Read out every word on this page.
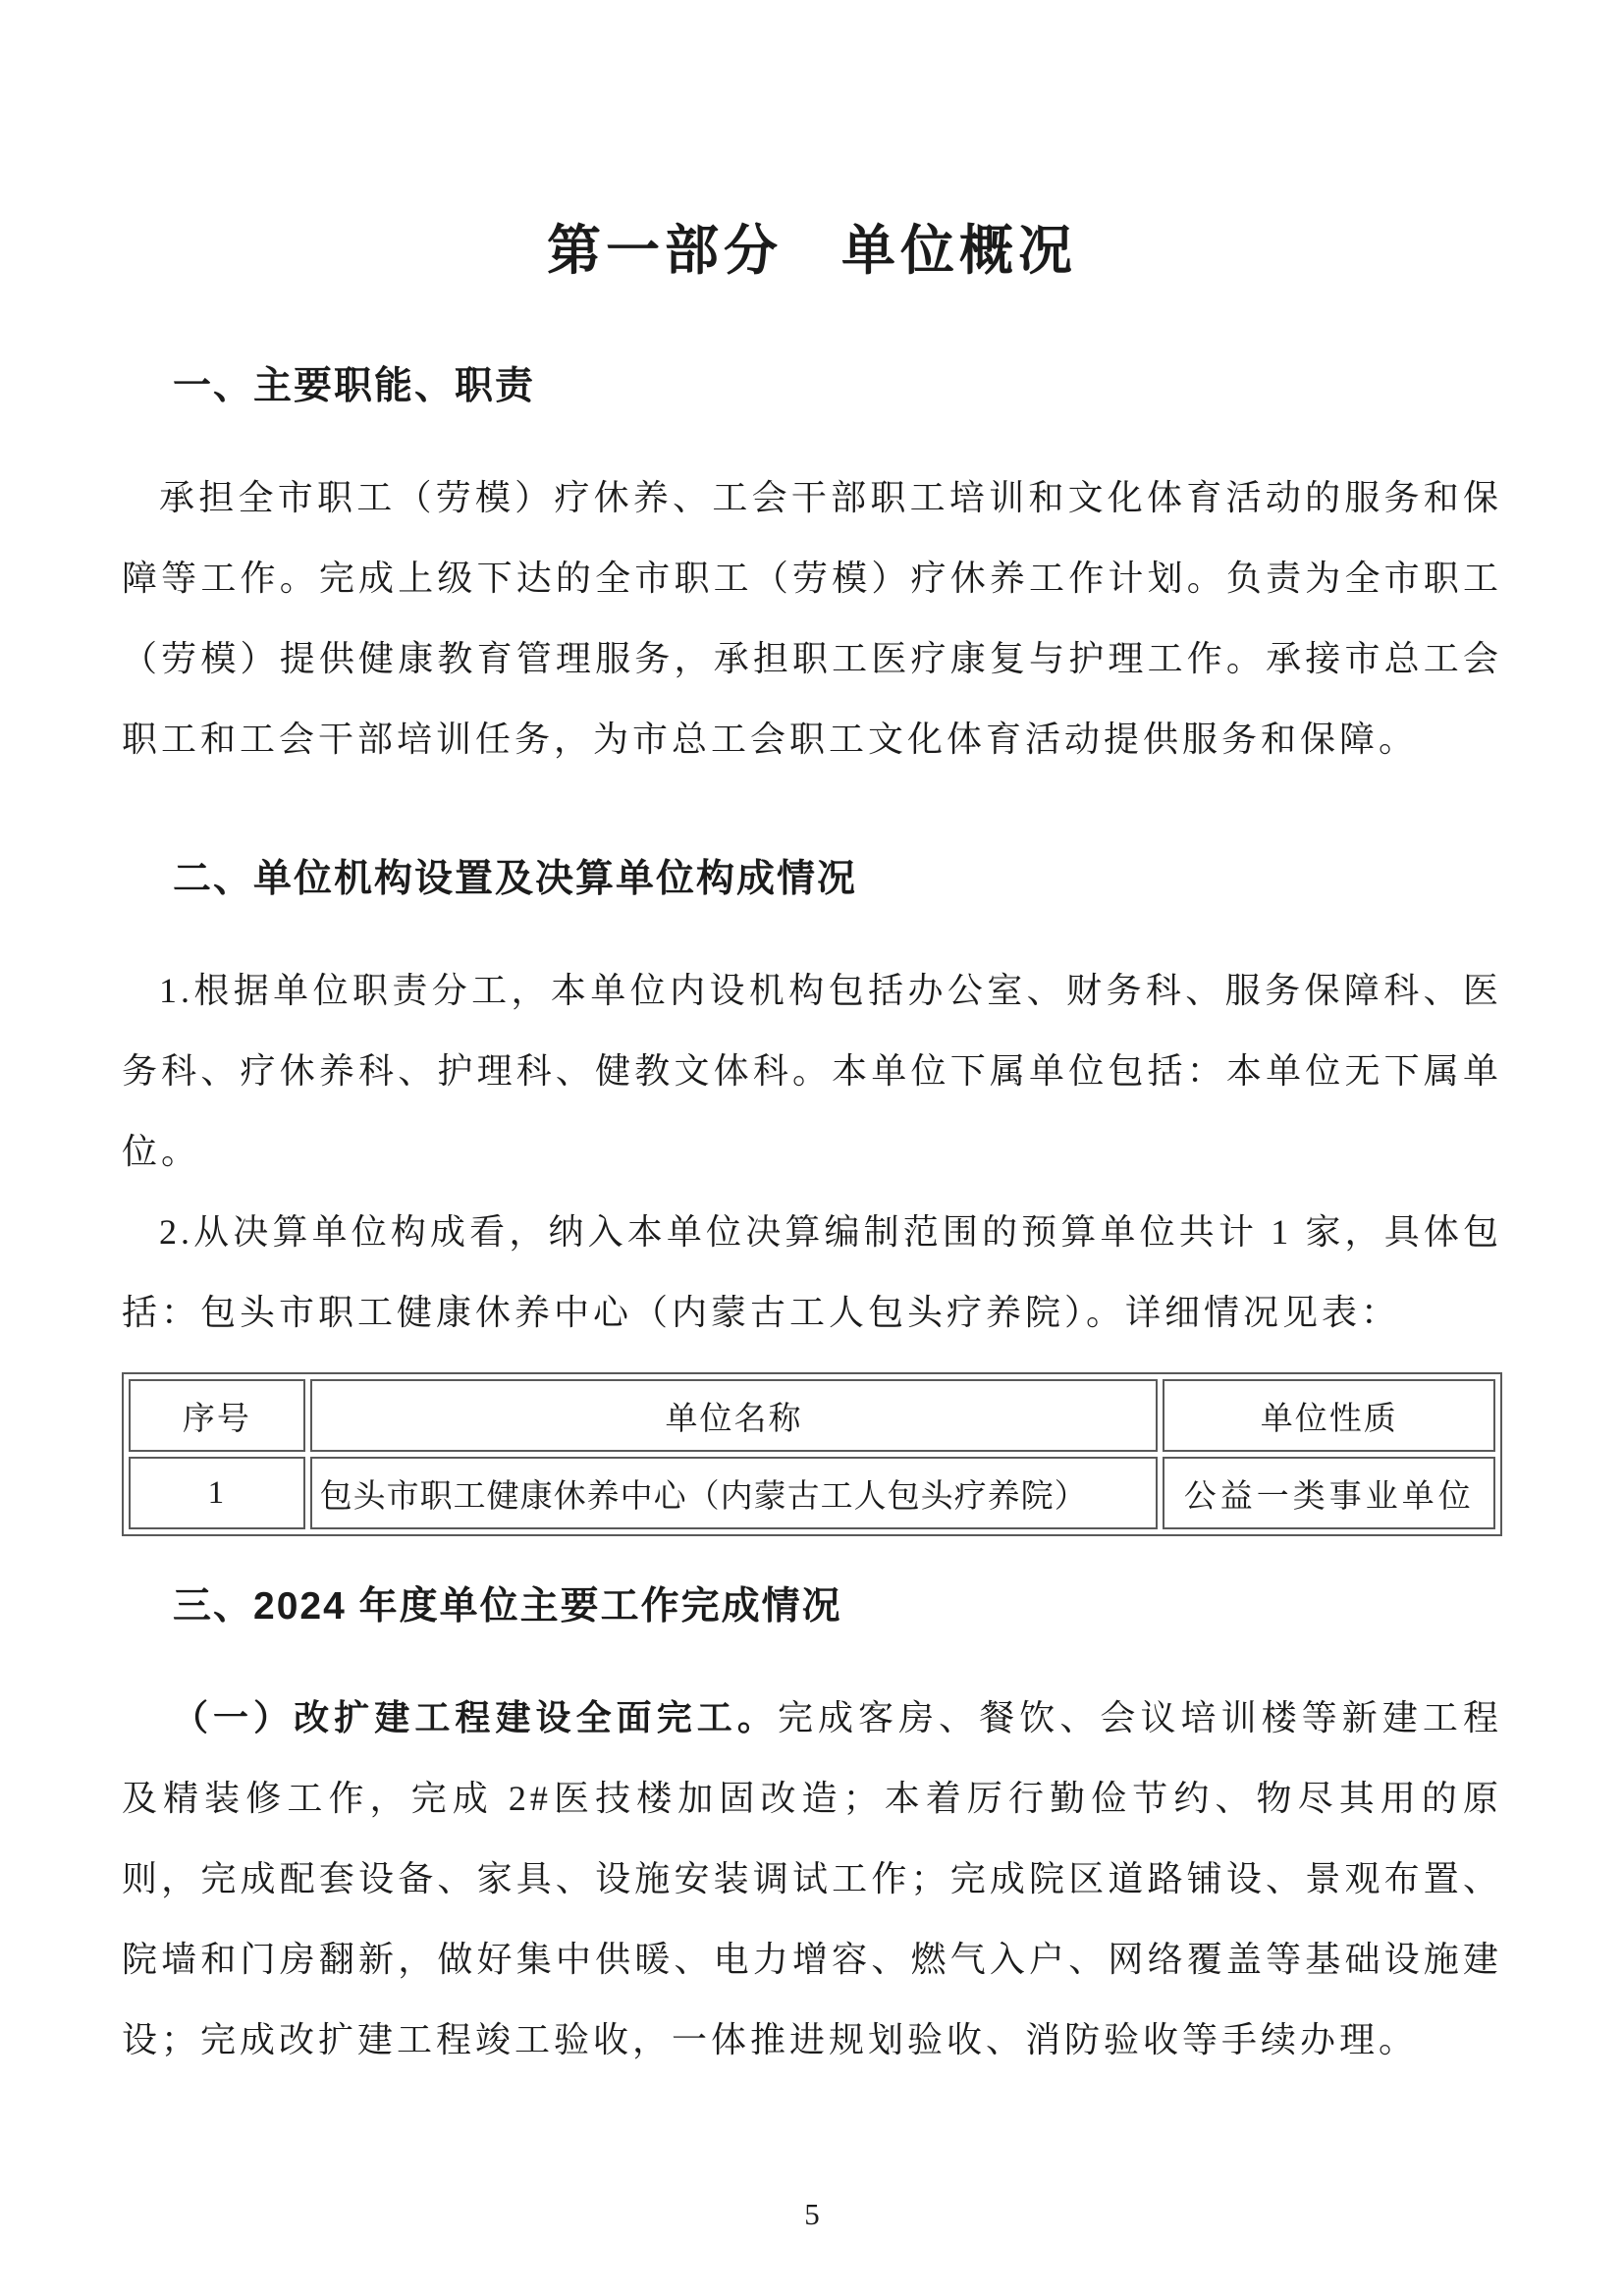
第一部分　单位概况
一、主要职能、职责

承担全市职工（劳模）疗休养、工会干部职工培训和文化体育活动的服务和保障等工作。完成上级下达的全市职工（劳模）疗休养工作计划。负责为全市职工（劳模）提供健康教育管理服务，承担职工医疗康复与护理工作。承接市总工会职工和工会干部培训任务，为市总工会职工文化体育活动提供服务和保障。

二、单位机构设置及决算单位构成情况

1.根据单位职责分工，本单位内设机构包括办公室、财务科、服务保障科、医务科、疗休养科、护理科、健教文体科。本单位下属单位包括：本单位无下属单位。

2.从决算单位构成看，纳入本单位决算编制范围的预算单位共计 1 家，具体包括：包头市职工健康休养中心（内蒙古工人包头疗养院）。详细情况见表：

序号	单位名称	单位性质
1	包头市职工健康休养中心（内蒙古工人包头疗养院）	公益一类事业单位
三、2024 年度单位主要工作完成情况

（一）改扩建工程建设全面完工。完成客房、餐饮、会议培训楼等新建工程及精装修工作，完成 2#医技楼加固改造；本着厉行勤俭节约、物尽其用的原则，完成配套设备、家具、设施安装调试工作；完成院区道路铺设、景观布置、院墙和门房翻新，做好集中供暖、电力增容、燃气入户、网络覆盖等基础设施建设；完成改扩建工程竣工验收，一体推进规划验收、消防验收等手续办理。

5
